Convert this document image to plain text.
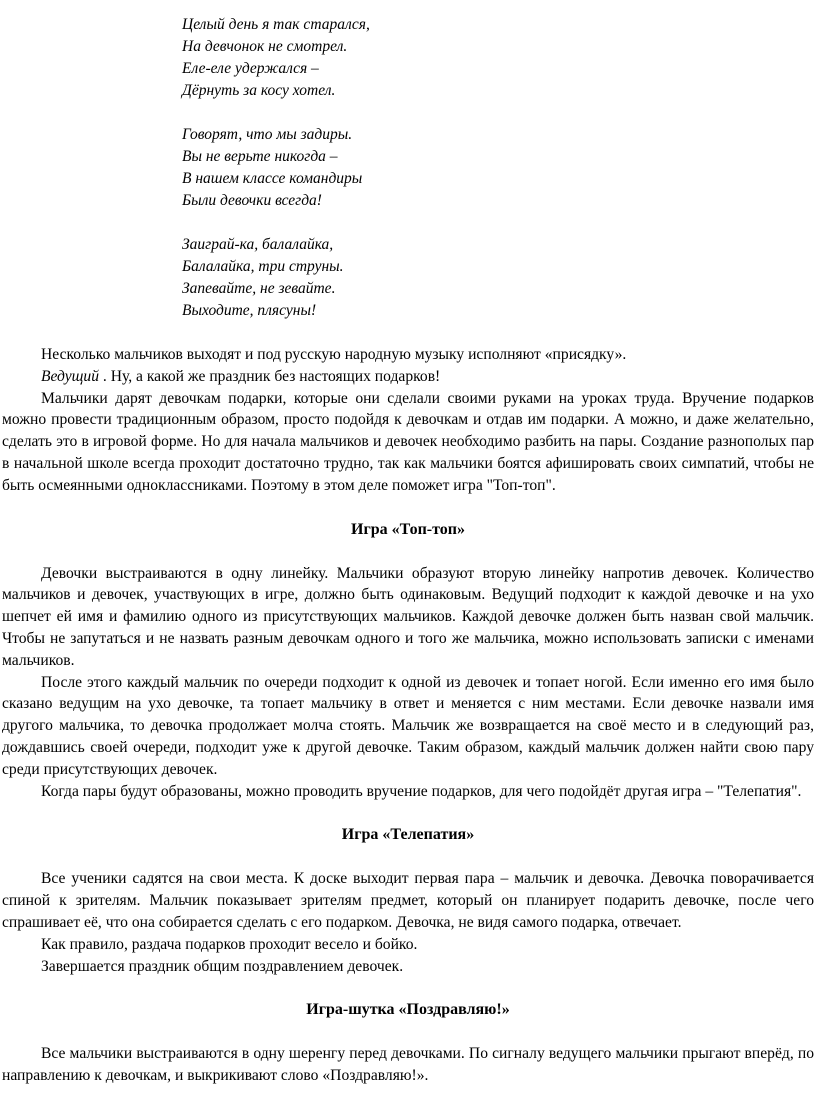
Целый день я так старался,
На девчонок не смотрел.
Еле-еле удержался –
Дёрнуть за косу хотел.
Говорят, что мы задиры.
Вы не верьте никогда –
В нашем классе командиры
Были девочки всегда!
Заиграй-ка, балалайка,
Балалайка, три струны.
Запевайте, не зевайте.
Выходите, плясуны!

Несколько мальчиков выходят и под русскую народную музыку исполняют «присядку».

Ведущий . Ну, а какой же праздник без настоящих подарков!

Мальчики дарят девочкам подарки, которые они сделали своими руками на уроках труда. Вручение подарков можно провести традиционным образом, просто подойдя к девочкам и отдав им подарки. А можно, и даже желательно, сделать это в игровой форме. Но для начала мальчиков и девочек необходимо разбить на пары. Создание разнополых пар в начальной школе всегда проходит достаточно трудно, так как мальчики боятся афишировать своих симпатий, чтобы не быть осмеянными одноклассниками. Поэтому в этом деле поможет игра "Топ-топ".

Игра «Топ-топ»

Девочки выстраиваются в одну линейку. Мальчики образуют вторую линейку напротив девочек. Количество мальчиков и девочек, участвующих в игре, должно быть одинаковым. Ведущий подходит к каждой девочке и на ухо шепчет ей имя и фамилию одного из присутствующих мальчиков. Каждой девочке должен быть назван свой мальчик. Чтобы не запутаться и не назвать разным девочкам одного и того же мальчика, можно использовать записки с именами мальчиков.

После этого каждый мальчик по очереди подходит к одной из девочек и топает ногой. Если именно его имя было сказано ведущим на ухо девочке, та топает мальчику в ответ и меняется с ним местами. Если девочке назвали имя другого мальчика, то девочка продолжает молча стоять. Мальчик же возвращается на своё место и в следующий раз, дождавшись своей очереди, подходит уже к другой девочке. Таким образом, каждый мальчик должен найти свою пару среди присутствующих девочек.

Когда пары будут образованы, можно проводить вручение подарков, для чего подойдёт другая игра – "Телепатия".

Игра «Телепатия»

Все ученики садятся на свои места. К доске выходит первая пара – мальчик и девочка. Девочка поворачивается спиной к зрителям. Мальчик показывает зрителям предмет, который он планирует подарить девочке, после чего спрашивает её, что она собирается сделать с его подарком. Девочка, не видя самого подарка, отвечает.

Как правило, раздача подарков проходит весело и бойко.

Завершается праздник общим поздравлением девочек.

Игра-шутка «Поздравляю!»

Все мальчики выстраиваются в одну шеренгу перед девочками. По сигналу ведущего мальчики прыгают вперёд, по направлению к девочкам, и выкрикивают слово «Поздравляю!».
